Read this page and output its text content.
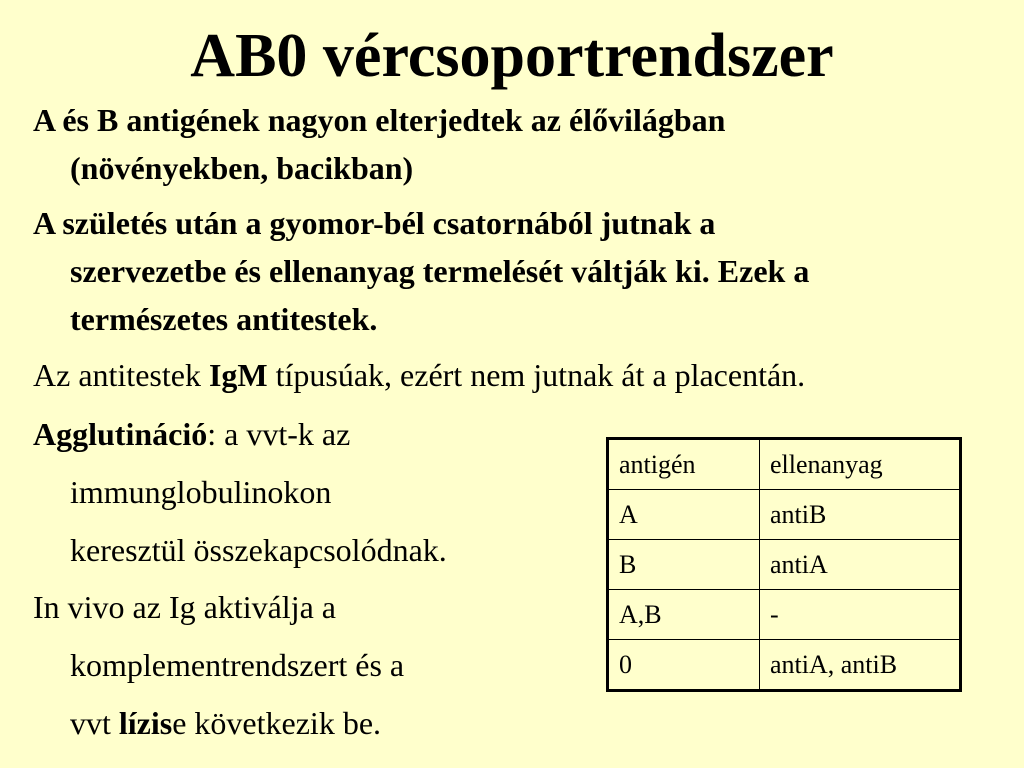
AB0 vércsoportrendszer
A és B antigének nagyon elterjedtek az élővilágban
(növényekben, bacikban)
A születés után a gyomor-bél csatornából jutnak a
szervezetbe és ellenanyag termelését váltják ki. Ezek a
természetes antitestek.
Az antitestek IgM típusúak, ezért nem jutnak át a placentán.
Agglutináció: a vvt-k az
immunglobulinokon
keresztül összekapcsolódnak.
In vivo az Ig aktiválja a
komplementrendszert és a
vvt lízise következik be.
antigén	ellenanyag
A	antiB
B	antiA
A,B	-
0	antiA, antiB
